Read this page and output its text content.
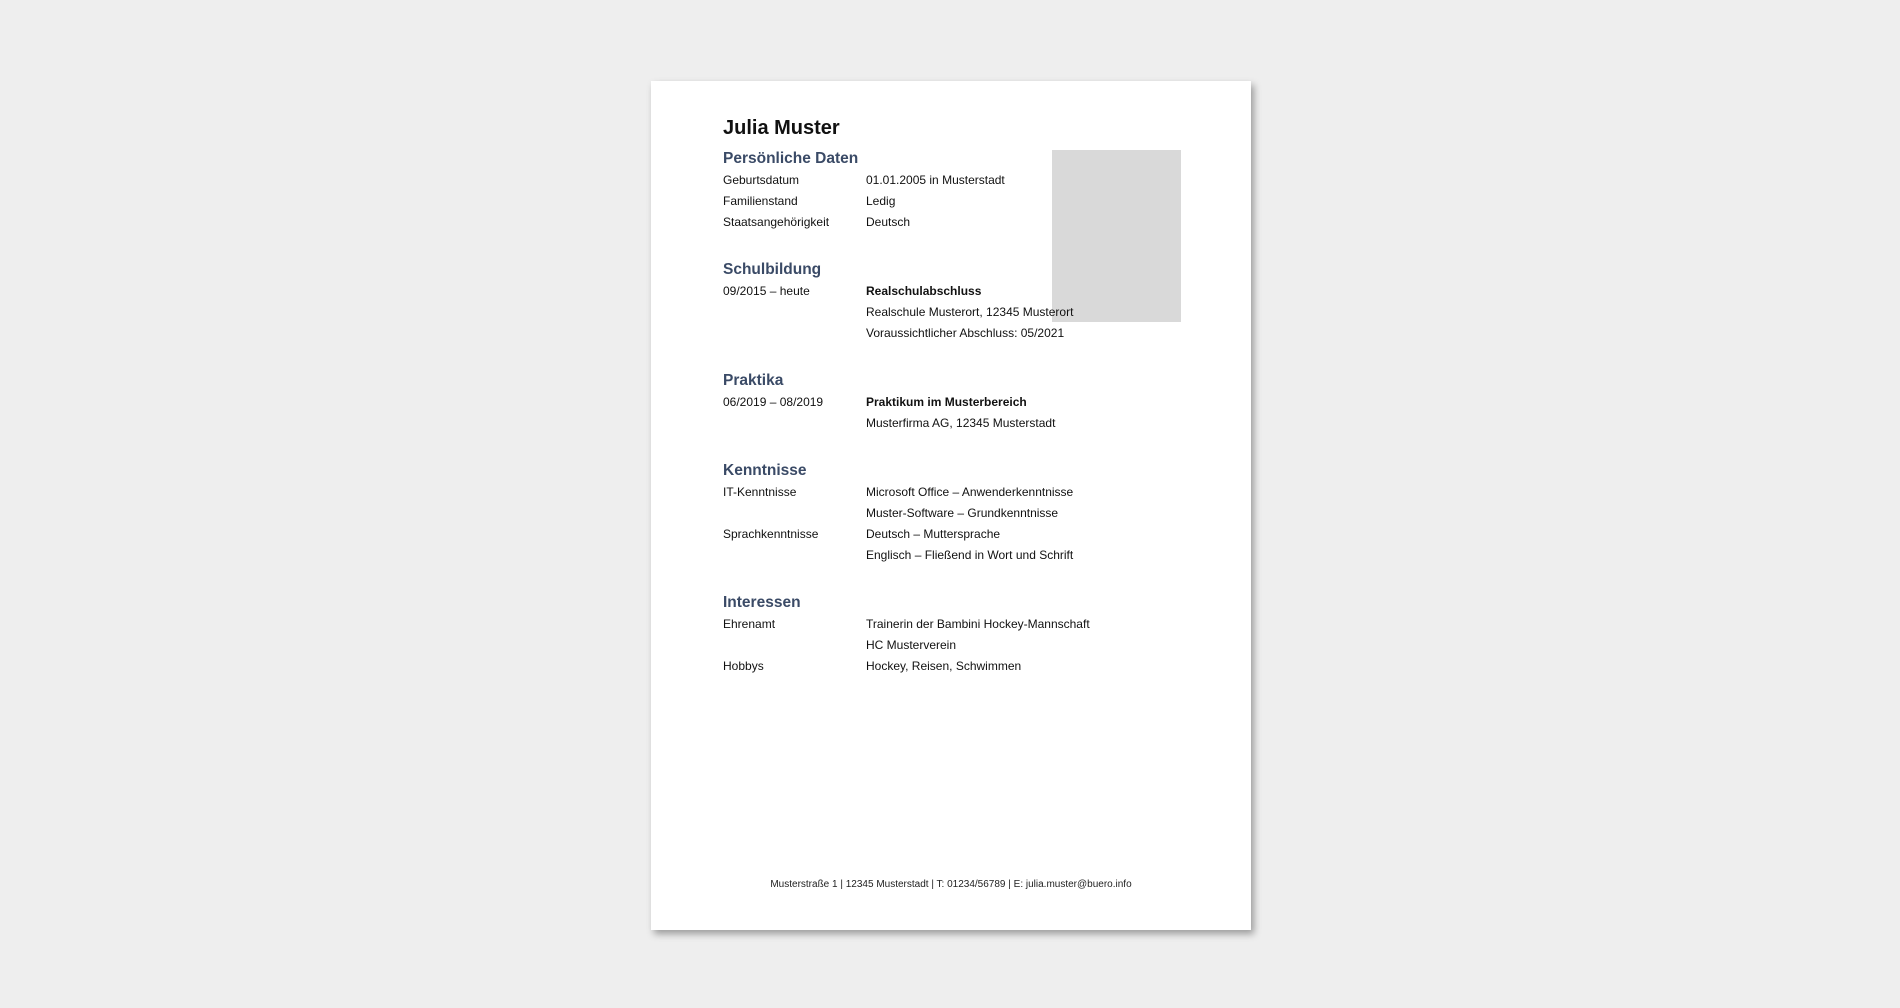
Julia Muster
Persönliche Daten
Geburtsdatum	01.01.2005 in Musterstadt
Familienstand	Ledig
Staatsangehörigkeit	Deutsch
Schulbildung
09/2015 – heute	Realschulabschluss
Realschule Musterort, 12345 Musterort
Voraussichtlicher Abschluss: 05/2021
Praktika
06/2019 – 08/2019	Praktikum im Musterbereich
Musterfirma AG, 12345 Musterstadt
Kenntnisse
IT-Kenntnisse	Microsoft Office – Anwenderkenntnisse
Muster-Software – Grundkenntnisse
Sprachkenntnisse	Deutsch – Muttersprache
Englisch – Fließend in Wort und Schrift
Interessen
Ehrenamt	Trainerin der Bambini Hockey-Mannschaft
HC Musterverein
Hobbys	Hockey, Reisen, Schwimmen
Musterstraße 1 | 12345 Musterstadt | T: 01234/56789 | E: julia.muster@buero.info
